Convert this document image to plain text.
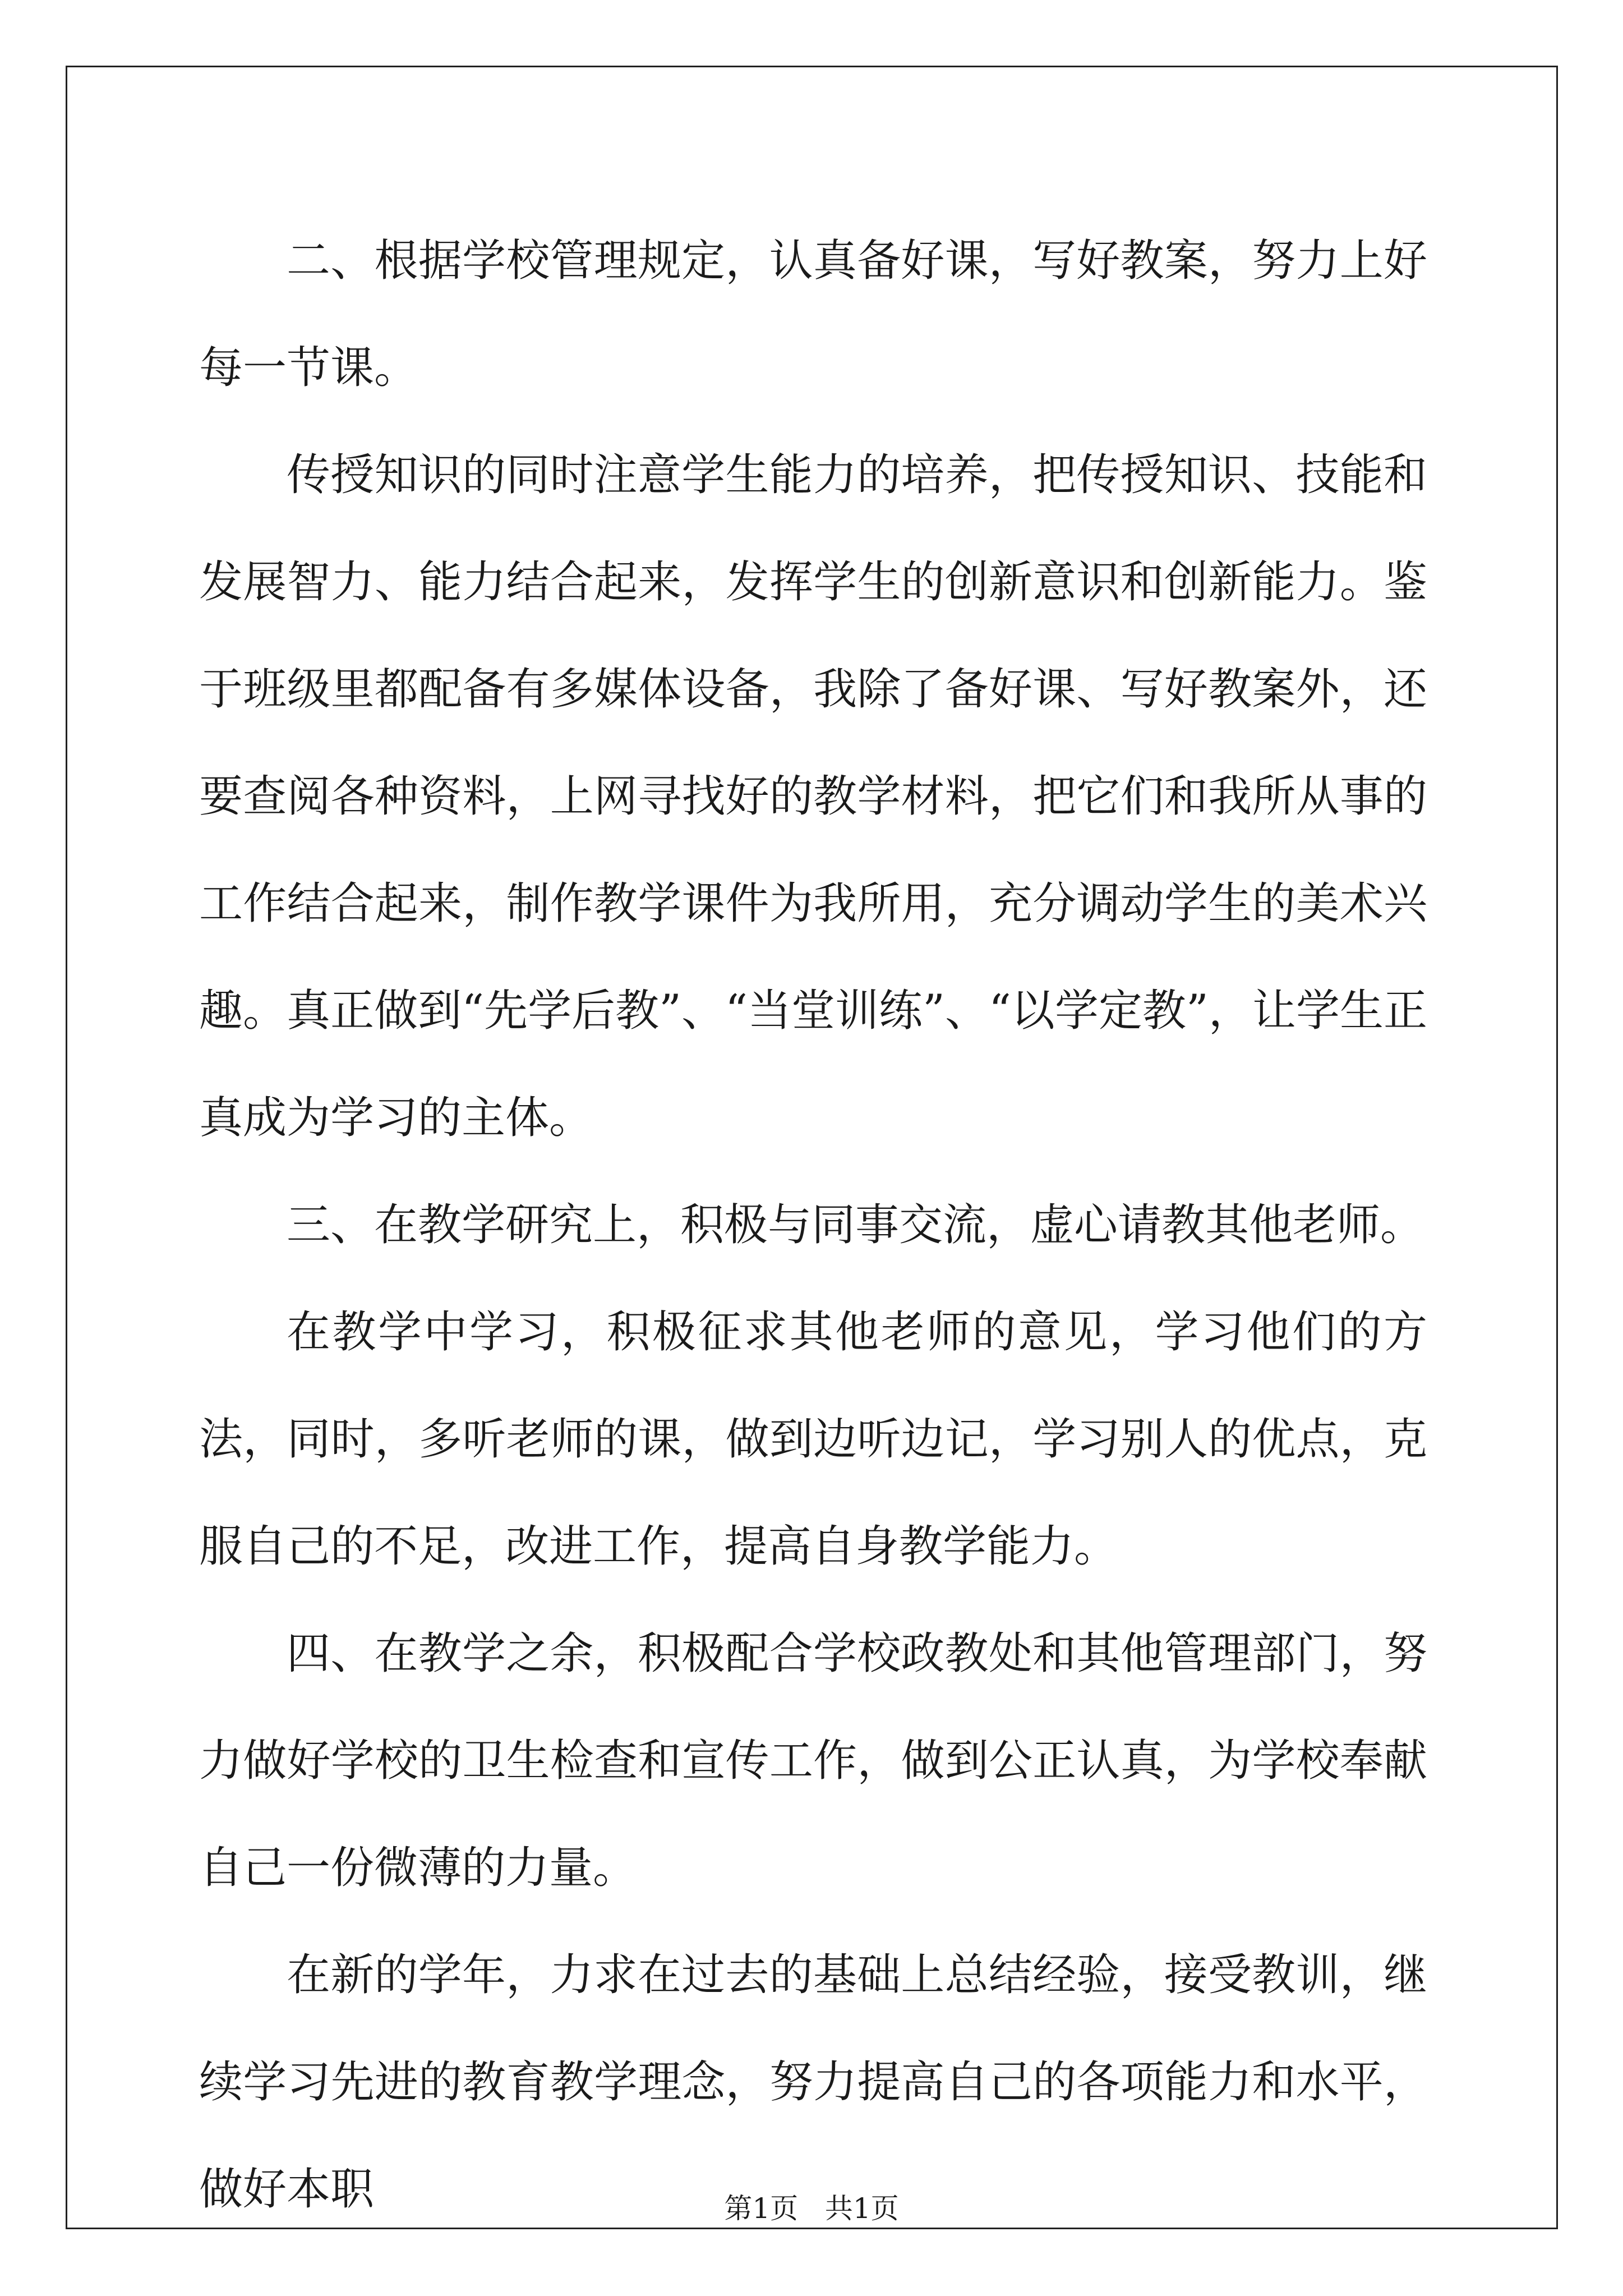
二、根据学校管理规定，认真备好课，写好教案，努力上好每一节课。

传授知识的同时注意学生能力的培养，把传授知识、技能和发展智力、能力结合起来，发挥学生的创新意识和创新能力。鉴于班级里都配备有多媒体设备，我除了备好课、写好教案外，还要查阅各种资料，上网寻找好的教学材料，把它们和我所从事的工作结合起来，制作教学课件为我所用，充分调动学生的美术兴趣。真正做到“先学后教”、“当堂训练”、“以学定教”，让学生正真成为学习的主体。

三、在教学研究上，积极与同事交流，虚心请教其他老师。

在教学中学习，积极征求其他老师的意见，学习他们的方法，同时，多听老师的课，做到边听边记，学习别人的优点，克服自己的不足，改进工作，提高自身教学能力。

四、在教学之余，积极配合学校政教处和其他管理部门，努力做好学校的卫生检查和宣传工作，做到公正认真，为学校奉献自己一份微薄的力量。

在新的学年，力求在过去的基础上总结经验，接受教训，继续学习先进的教育教学理念，努力提高自己的各项能力和水平，做好本职	第1页   共1页
